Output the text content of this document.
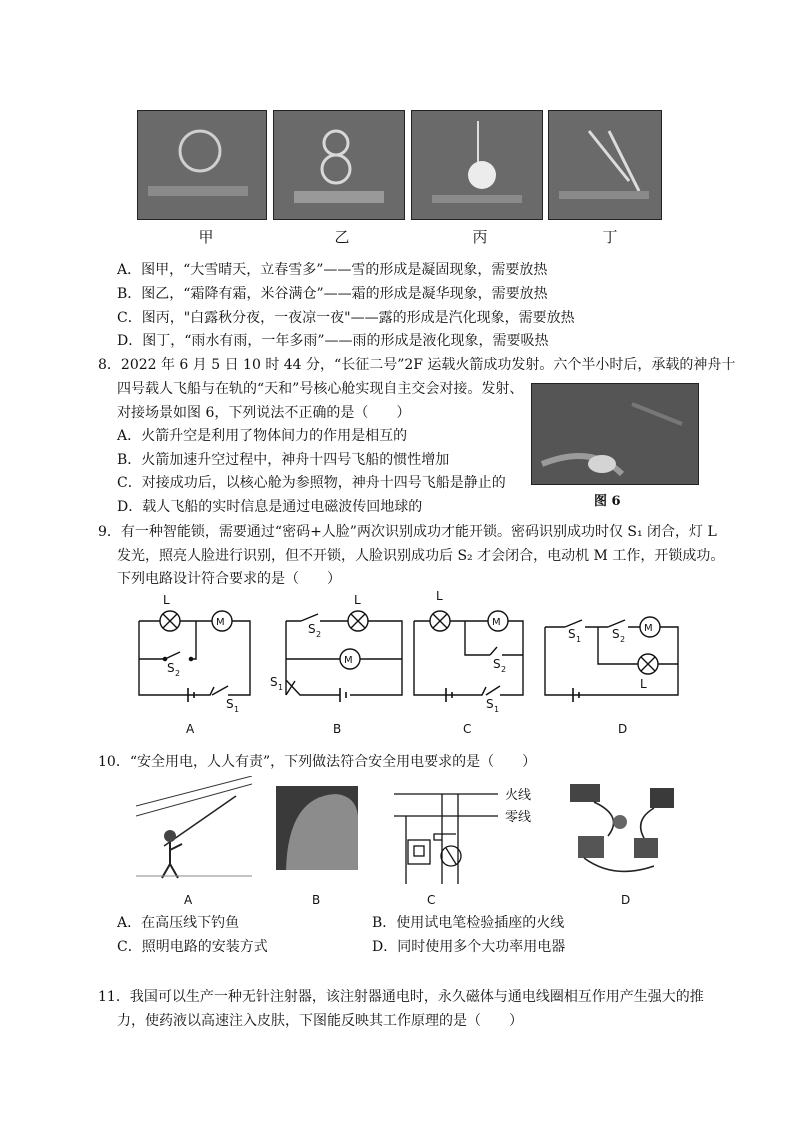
甲	乙	丙	丁
A．图甲，“大雪晴天，立春雪多”——雪的形成是凝固现象，需要放热
B．图乙，“霜降有霜，米谷满仓”——霜的形成是凝华现象，需要放热
C．图丙，"白露秋分夜，一夜凉一夜"——露的形成是汽化现象，需要放热
D．图丁，“雨水有雨，一年多雨”——雨的形成是液化现象，需要吸热
8．2022 年 6 月 5 日 10 时 44 分，“长征二号”2F 运载火箭成功发射。六个半小时后，承载的神舟十
四号载人飞船与在轨的“天和”号核心舱实现自主交会对接。发射、
对接场景如图 6，下列说法不正确的是（　　）
A．火箭升空是利用了物体间力的作用是相互的
B．火箭加速升空过程中，神舟十四号飞船的惯性增加
C．对接成功后，以核心舱为参照物，神舟十四号飞船是静止的
D．载人飞船的实时信息是通过电磁波传回地球的	图 6
9．有一种智能锁，需要通过“密码+人脸”两次识别成功才能开锁。密码识别成功时仅 S₁ 闭合，灯 L
发光，照亮人脸进行识别，但不开锁，人脸识别成功后 S₂ 才会闭合，电动机 M 工作，开锁成功。
下列电路设计符合要求的是（　　）
L
M
S 2
S 1
S 2
L
M
S 1
L
M
S 2
S 1
S 1	S 2
M
L
A	B	C	D
10．“安全用电，人人有责”，下列做法符合安全用电要求的是（　　）
火线
零线
A	B	C	D
A．在高压线下钓鱼	B．使用试电笔检验插座的火线
C．照明电路的安装方式	D．同时使用多个大功率用电器
11．我国可以生产一种无针注射器，该注射器通电时，永久磁体与通电线圈相互作用产生强大的推
力，使药液以高速注入皮肤，下图能反映其工作原理的是（　　）
